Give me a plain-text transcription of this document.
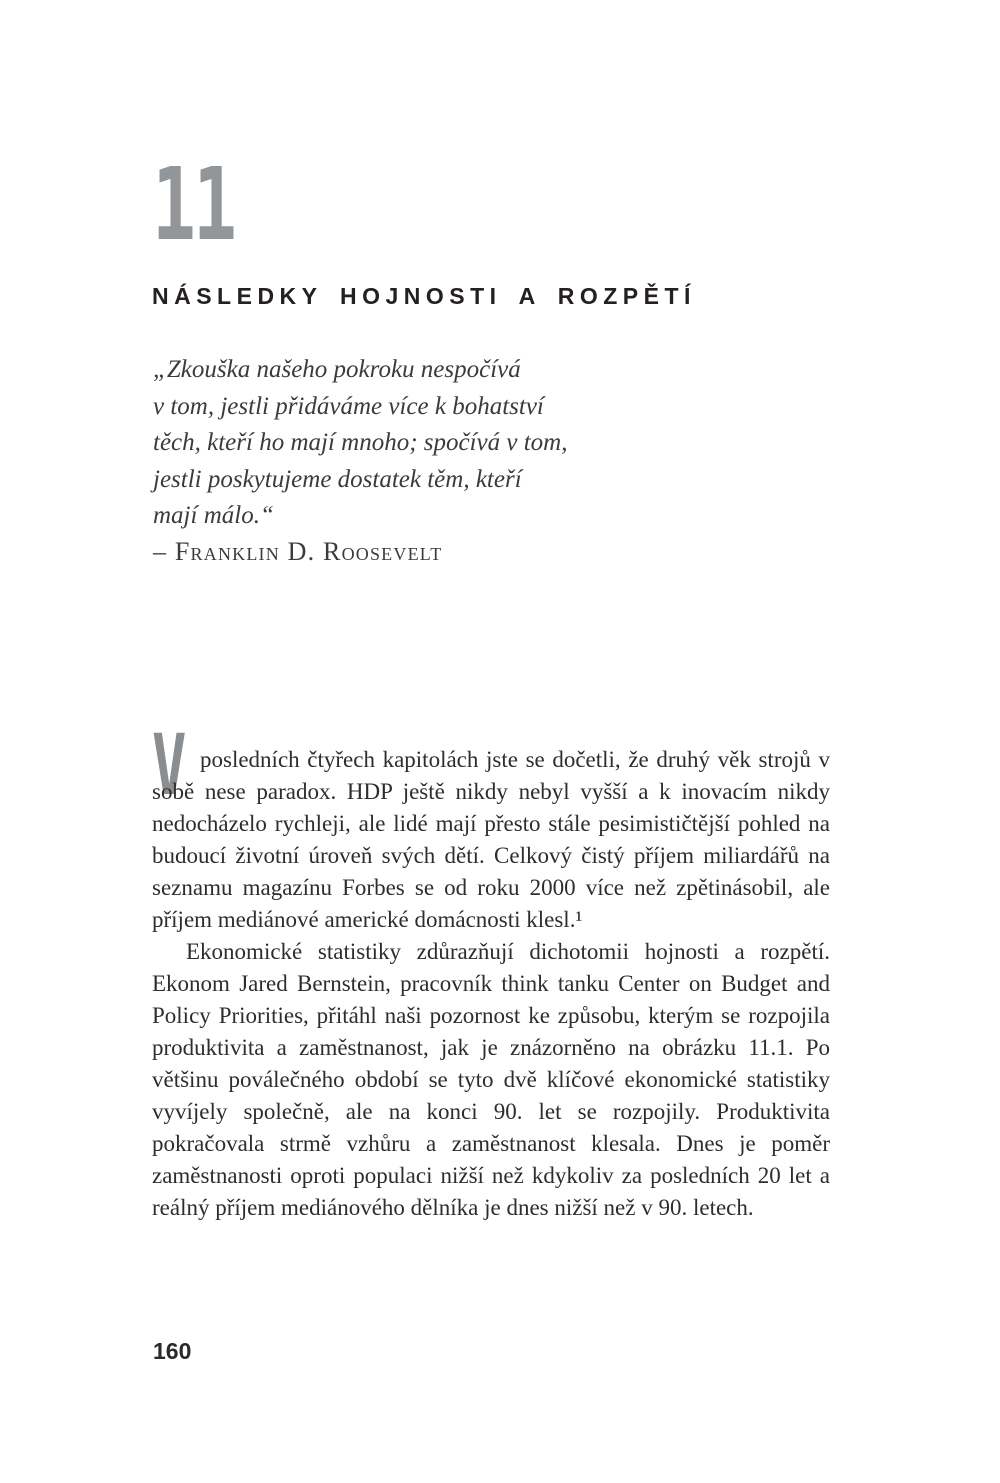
11
NÁSLEDKY HOJNOSTI A ROZPĚTÍ
„Zkouška našeho pokroku nespočívá
v tom, jestli přidáváme více k bohatství
těch, kteří ho mají mnoho; spočívá v tom,
jestli poskytujeme dostatek těm, kteří
mají málo.“
– Franklin D. Roosevelt
V posledních čtyřech kapitolách jste se dočetli, že druhý věk strojů v sobě nese paradox. HDP ještě nikdy nebyl vyšší a k inovacím nikdy nedocházelo rychleji, ale lidé mají přesto stále pesimističtější pohled na budoucí životní úroveň svých dětí. Celkový čistý příjem miliardářů na seznamu magazínu Forbes se od roku 2000 více než zpětinásobil, ale příjem mediánové americké domácnosti klesl.¹

Ekonomické statistiky zdůrazňují dichotomii hojnosti a rozpětí. Ekonom Jared Bernstein, pracovník think tanku Center on Budget and Policy Priorities, přitáhl naši pozornost ke způsobu, kterým se rozpojila produktivita a zaměstnanost, jak je znázorněno na obrázku 11.1. Po většinu poválečného období se tyto dvě klíčové ekonomické statistiky vyvíjely společně, ale na konci 90. let se rozpojily. Produktivita pokračovala strmě vzhůru a zaměstnanost klesala. Dnes je poměr zaměstnanosti oproti populaci nižší než kdykoliv za posledních 20 let a reálný příjem mediánového dělníka je dnes nižší než v 90. letech.

160
